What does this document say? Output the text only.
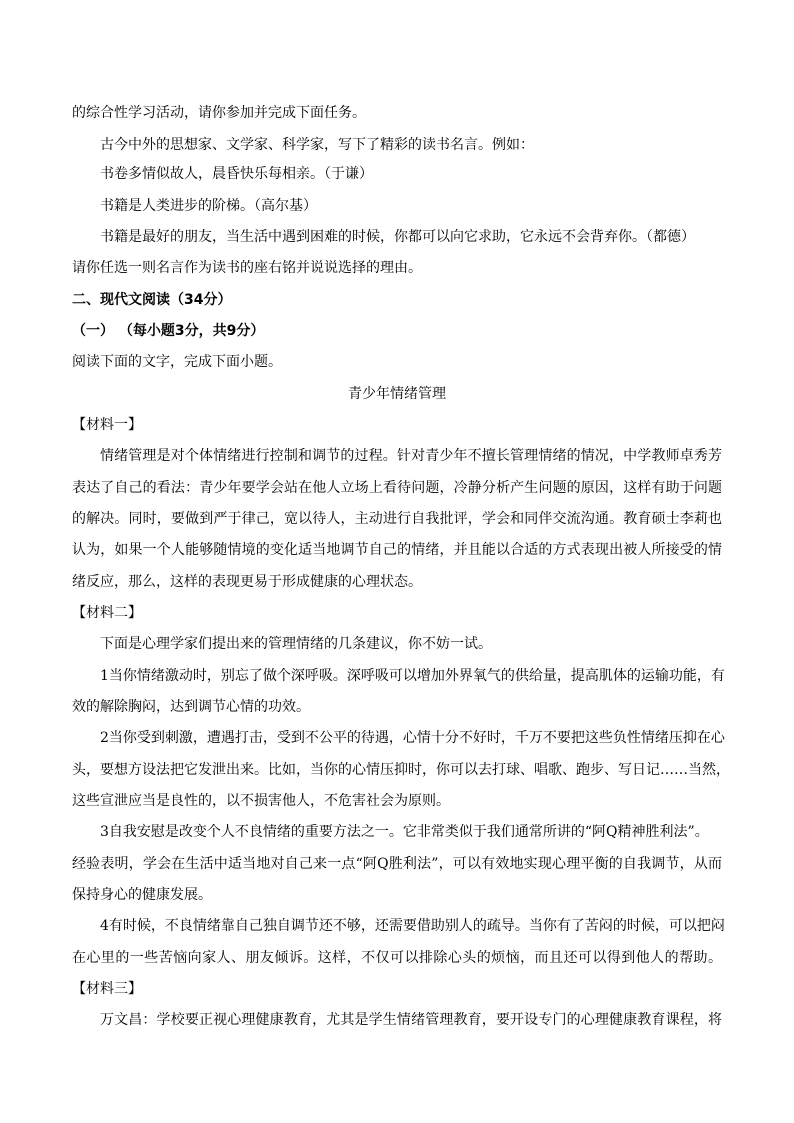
的综合性学习活动，请你参加并完成下面任务。
古今中外的思想家、文学家、科学家，写下了精彩的读书名言。例如：
书卷多情似故人，晨昏快乐每相亲。（于谦）
书籍是人类进步的阶梯。（高尔基）
书籍是最好的朋友，当生活中遇到困难的时候，你都可以向它求助，它永远不会背弃你。（都德）
请你任选一则名言作为读书的座右铭并说说选择的理由。
二、现代文阅读（34分）
（一） （每小题3分，共9分）
阅读下面的文字，完成下面小题。
青少年情绪管理
【材料一】
情绪管理是对个体情绪进行控制和调节的过程。针对青少年不擅长管理情绪的情况，中学教师卓秀芳
表达了自己的看法：青少年要学会站在他人立场上看待问题，冷静分析产生问题的原因，这样有助于问题
的解决。同时，要做到严于律己，宽以待人，主动进行自我批评，学会和同伴交流沟通。教育硕士李莉也
认为，如果一个人能够随情境的变化适当地调节自己的情绪，并且能以合适的方式表现出被人所接受的情
绪反应，那么，这样的表现更易于形成健康的心理状态。
【材料二】
下面是心理学家们提出来的管理情绪的几条建议，你不妨一试。
1当你情绪激动时，别忘了做个深呼吸。深呼吸可以增加外界氧气的供给量，提高肌体的运输功能，有
效的解除胸闷，达到调节心情的功效。
2当你受到刺激，遭遇打击，受到不公平的待遇，心情十分不好时，千万不要把这些负性情绪压抑在心
头，要想方设法把它发泄出来。比如，当你的心情压抑时，你可以去打球、唱歌、跑步、写日记……当然，
这些宣泄应当是良性的，以不损害他人，不危害社会为原则。
3自我安慰是改变个人不良情绪的重要方法之一。它非常类似于我们通常所讲的“阿Q精神胜利法”。
经验表明，学会在生活中适当地对自己来一点“阿Q胜利法”，可以有效地实现心理平衡的自我调节，从而
保持身心的健康发展。
4有时候，不良情绪靠自己独自调节还不够，还需要借助别人的疏导。当你有了苦闷的时候，可以把闷
在心里的一些苦恼向家人、朋友倾诉。这样，不仅可以排除心头的烦恼，而且还可以得到他人的帮助。
【材料三】
万文昌：学校要正视心理健康教育，尤其是学生情绪管理教育，要开设专门的心理健康教育课程，将
